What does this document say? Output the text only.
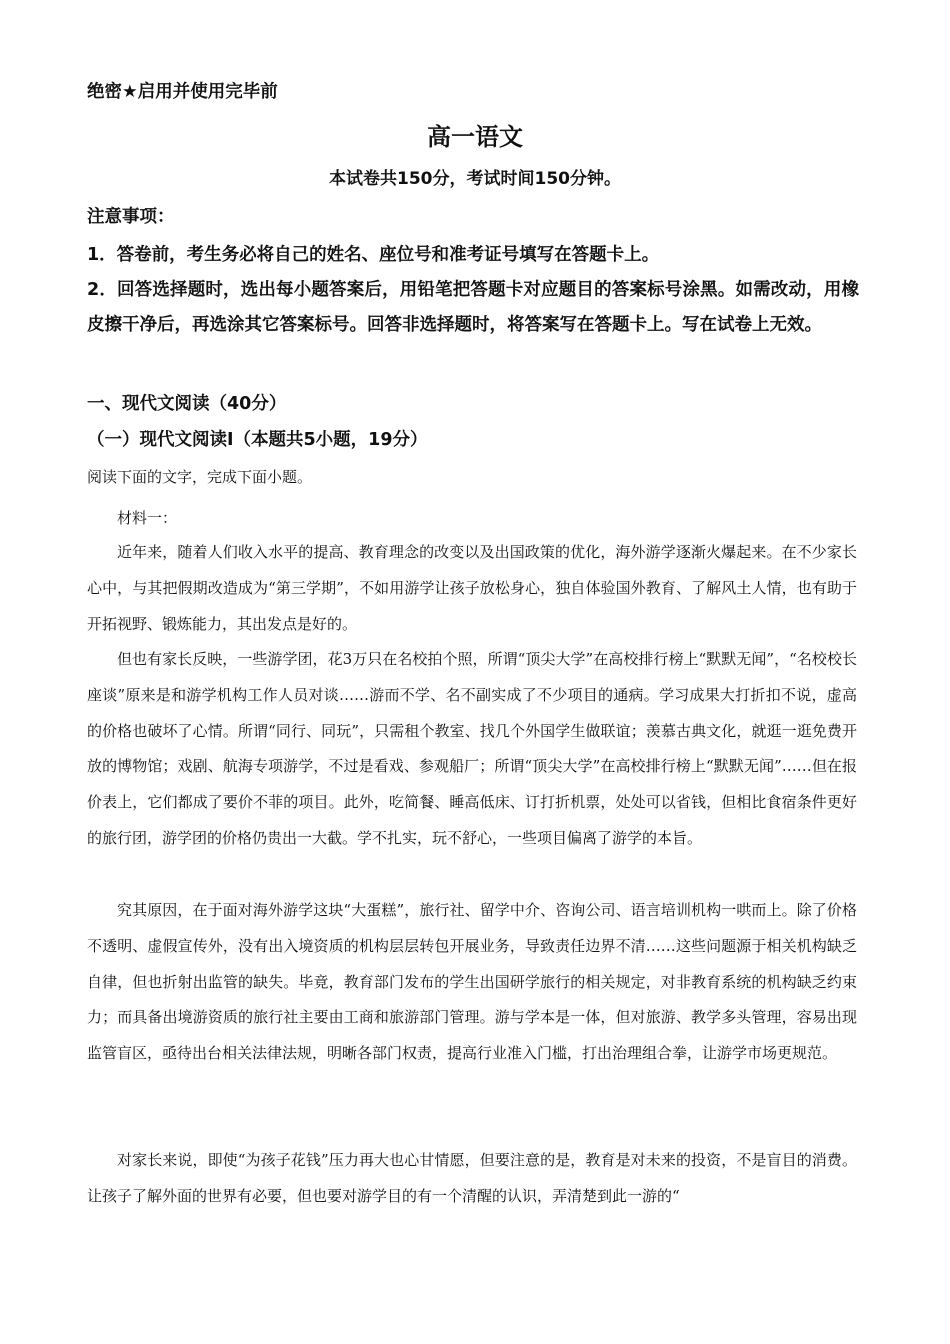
绝密★启用并使用完毕前

高一语文

本试卷共150分，考试时间150分钟。

注意事项：

1．答卷前，考生务必将自己的姓名、座位号和准考证号填写在答题卡上。

2．回答选择题时，选出每小题答案后，用铅笔把答题卡对应题目的答案标号涂黑。如需改动，用橡皮擦干净后，再选涂其它答案标号。回答非选择题时，将答案写在答题卡上。写在试卷上无效。

一、现代文阅读（40分）

（一）现代文阅读Ⅰ（本题共5小题，19分）

阅读下面的文字，完成下面小题。

材料一：

近年来，随着人们收入水平的提高、教育理念的改变以及出国政策的优化，海外游学逐渐火爆起来。在不少家长心中，与其把假期改造成为“第三学期”，不如用游学让孩子放松身心，独自体验国外教育、了解风土人情，也有助于开拓视野、锻炼能力，其出发点是好的。

但也有家长反映，一些游学团，花3万只在名校拍个照，所谓“顶尖大学”在高校排行榜上“默默无闻”，“名校校长座谈”原来是和游学机构工作人员对谈……游而不学、名不副实成了不少项目的通病。学习成果大打折扣不说，虚高的价格也破坏了心情。所谓“同行、同玩”，只需租个教室、找几个外国学生做联谊；羡慕古典文化，就逛一逛免费开放的博物馆；戏剧、航海专项游学，不过是看戏、参观船厂；所谓“顶尖大学”在高校排行榜上“默默无闻”……但在报价表上，它们都成了要价不菲的项目。此外，吃简餐、睡高低床、订打折机票，处处可以省钱，但相比食宿条件更好的旅行团，游学团的价格仍贵出一大截。学不扎实，玩不舒心，一些项目偏离了游学的本旨。

究其原因，在于面对海外游学这块“大蛋糕”，旅行社、留学中介、咨询公司、语言培训机构一哄而上。除了价格不透明、虚假宣传外，没有出入境资质的机构层层转包开展业务，导致责任边界不清……这些问题源于相关机构缺乏自律，但也折射出监管的缺失。毕竟，教育部门发布的学生出国研学旅行的相关规定，对非教育系统的机构缺乏约束力；而具备出境游资质的旅行社主要由工商和旅游部门管理。游与学本是一体，但对旅游、教学多头管理，容易出现监管盲区，亟待出台相关法律法规，明晰各部门权责，提高行业准入门槛，打出治理组合拳，让游学市场更规范。

对家长来说，即使“为孩子花钱”压力再大也心甘情愿，但要注意的是，教育是对未来的投资，不是盲目的消费。让孩子了解外面的世界有必要，但也要对游学目的有一个清醒的认识，弄清楚到此一游的“
